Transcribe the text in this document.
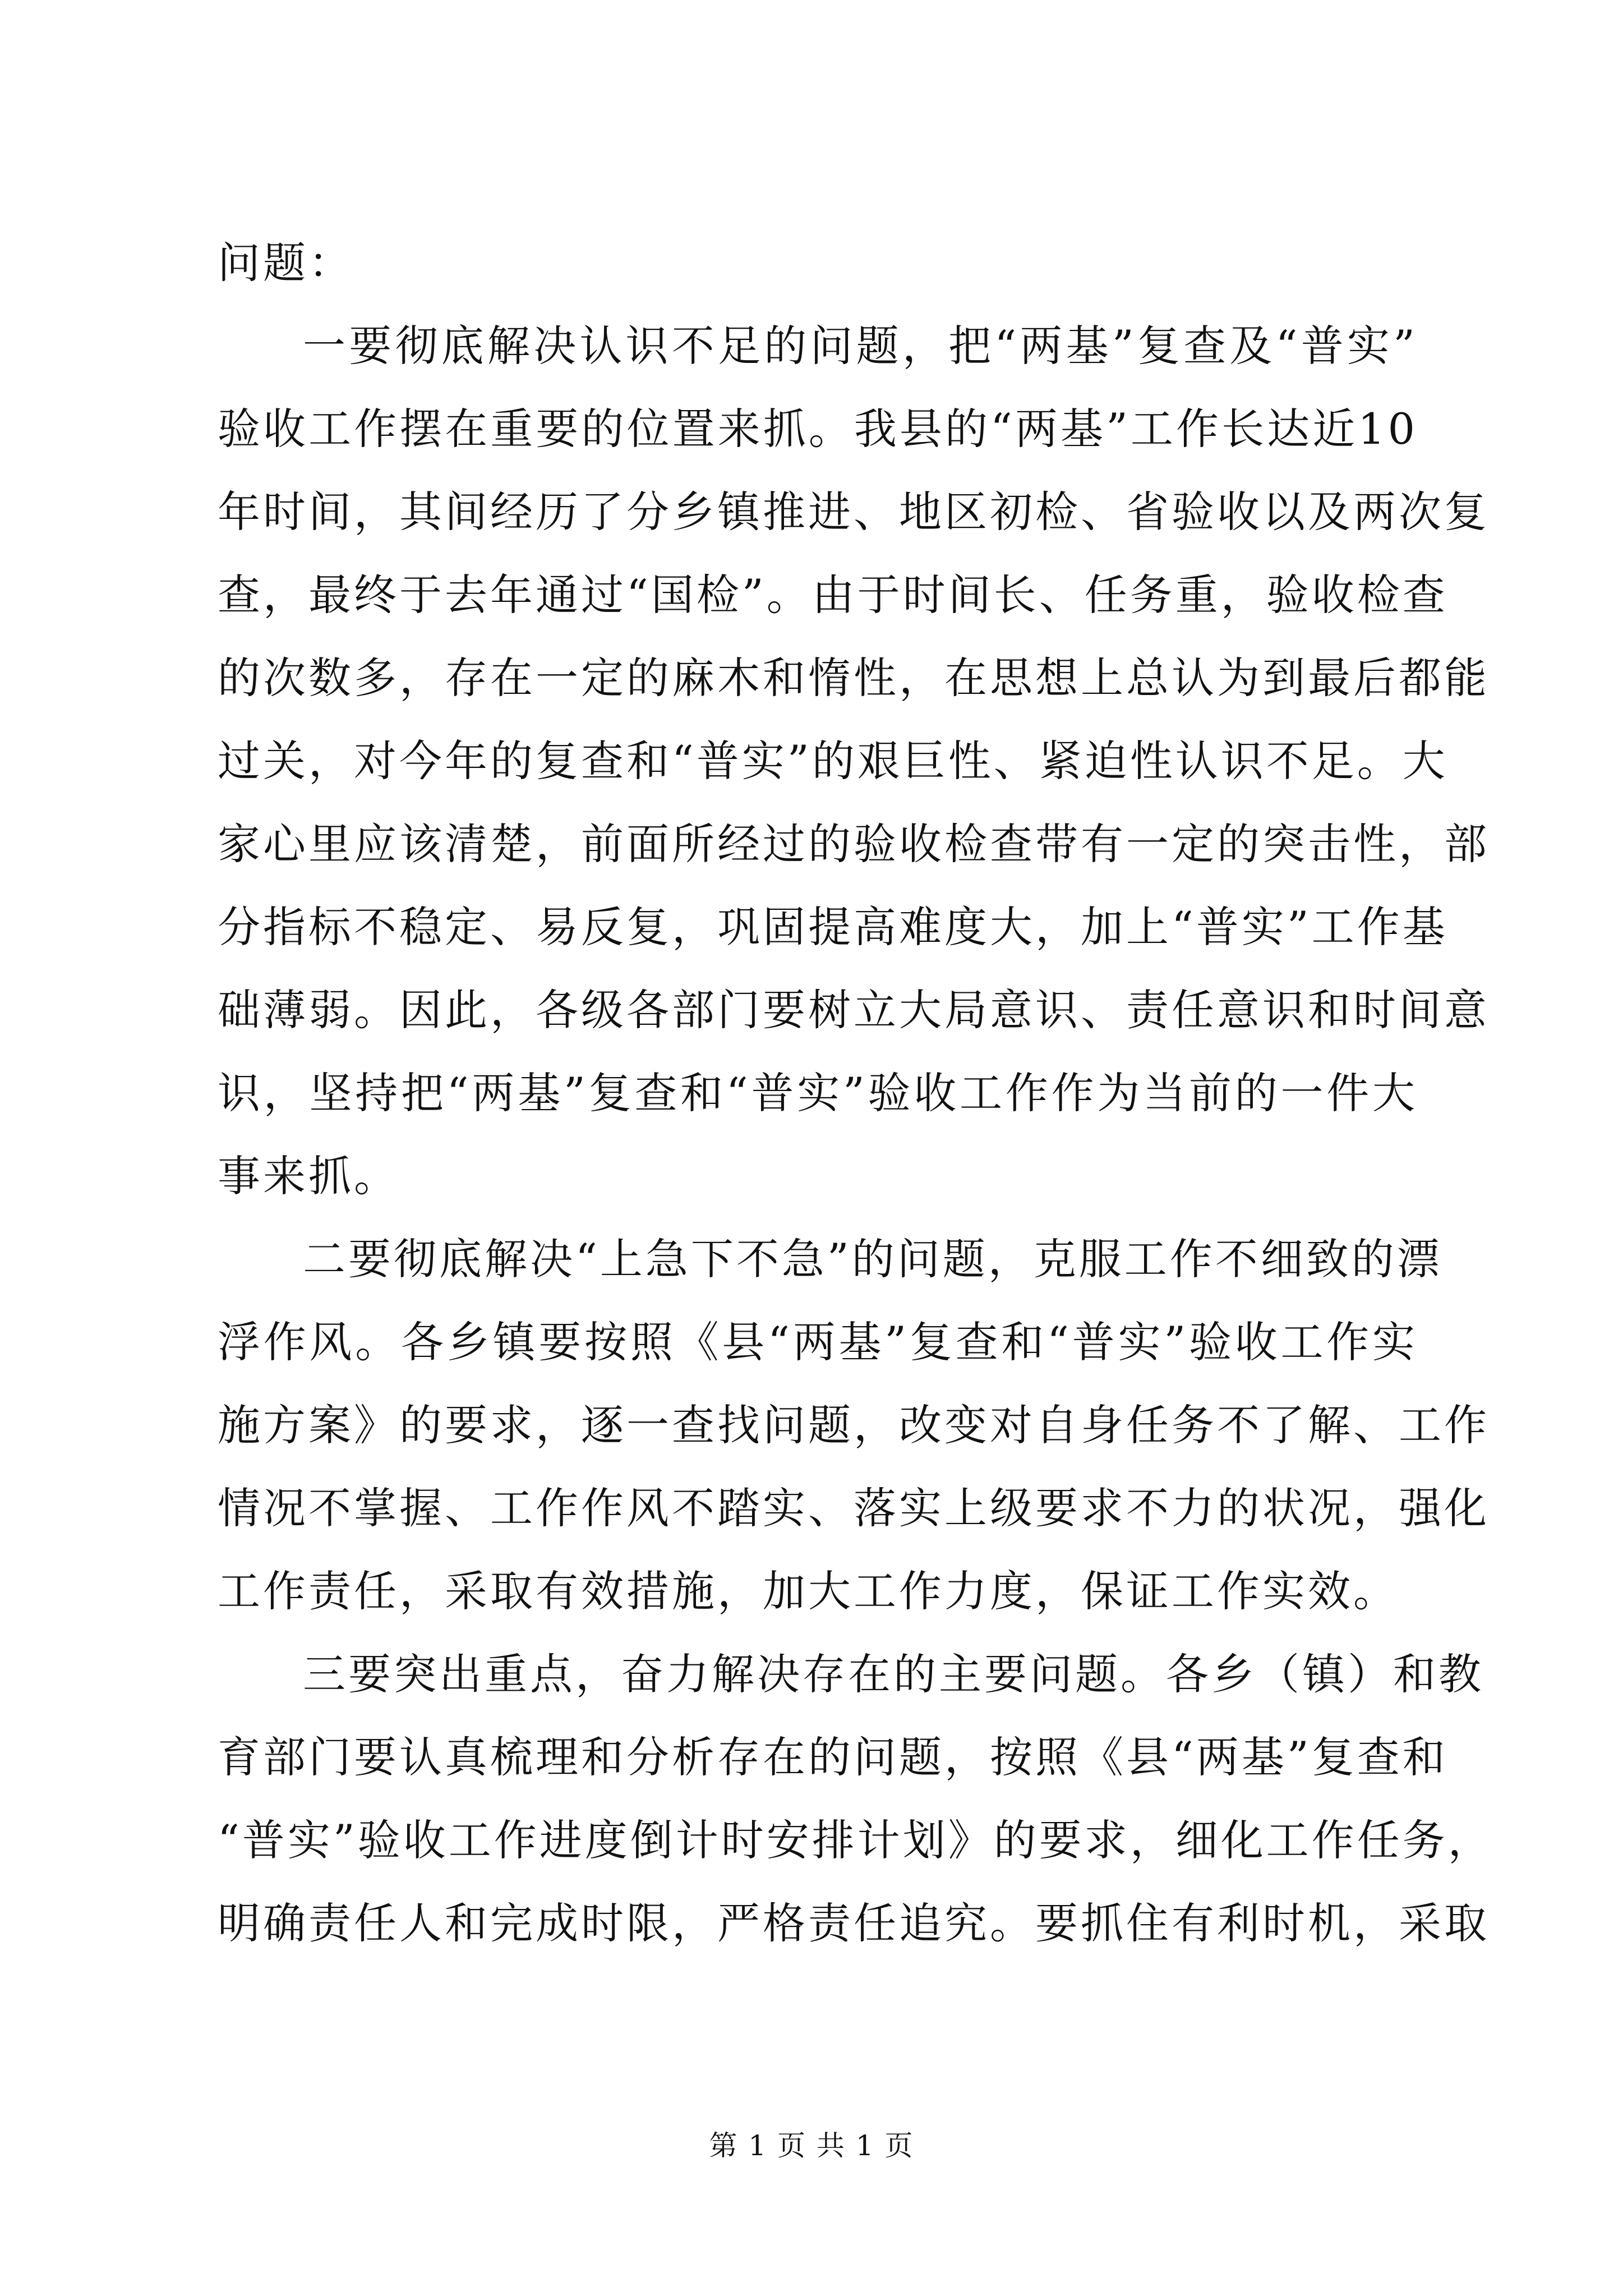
问题：
一要彻底解决认识不足的问题，把“两基”复查及“普实”
验收工作摆在重要的位置来抓。我县的“两基”工作长达近10
年时间，其间经历了分乡镇推进、地区初检、省验收以及两次复
查，最终于去年通过“国检”。由于时间长、任务重，验收检查
的次数多，存在一定的麻木和惰性，在思想上总认为到最后都能
过关，对今年的复查和“普实”的艰巨性、紧迫性认识不足。大
家心里应该清楚，前面所经过的验收检查带有一定的突击性，部
分指标不稳定、易反复，巩固提高难度大，加上“普实”工作基
础薄弱。因此，各级各部门要树立大局意识、责任意识和时间意
识，坚持把“两基”复查和“普实”验收工作作为当前的一件大
事来抓。
二要彻底解决“上急下不急”的问题，克服工作不细致的漂
浮作风。各乡镇要按照《县“两基”复查和“普实”验收工作实
施方案》的要求，逐一查找问题，改变对自身任务不了解、工作
情况不掌握、工作作风不踏实、落实上级要求不力的状况，强化
工作责任，采取有效措施，加大工作力度，保证工作实效。
三要突出重点，奋力解决存在的主要问题。各乡（镇）和教
育部门要认真梳理和分析存在的问题，按照《县“两基”复查和
“普实”验收工作进度倒计时安排计划》的要求，细化工作任务，
明确责任人和完成时限，严格责任追究。要抓住有利时机，采取
第 1 页 共 1 页
